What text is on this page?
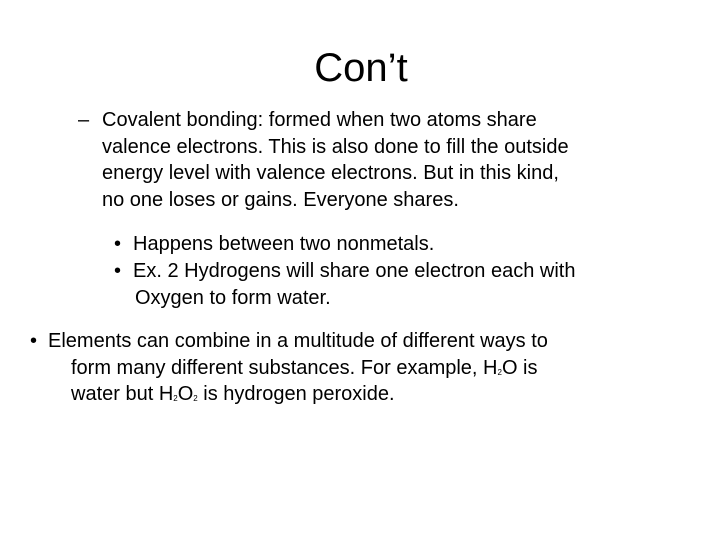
Con’t
– Covalent bonding: formed when two atoms share
valence electrons. This is also done to fill the outside
energy level with valence electrons. But in this kind,
no one loses or gains. Everyone shares.
• Happens between two nonmetals.
• Ex. 2 Hydrogens will share one electron each with
Oxygen to form water.
• Elements can combine in a multitude of different ways to
form many different substances. For example, H2O is
water but H2O2 is hydrogen peroxide.
